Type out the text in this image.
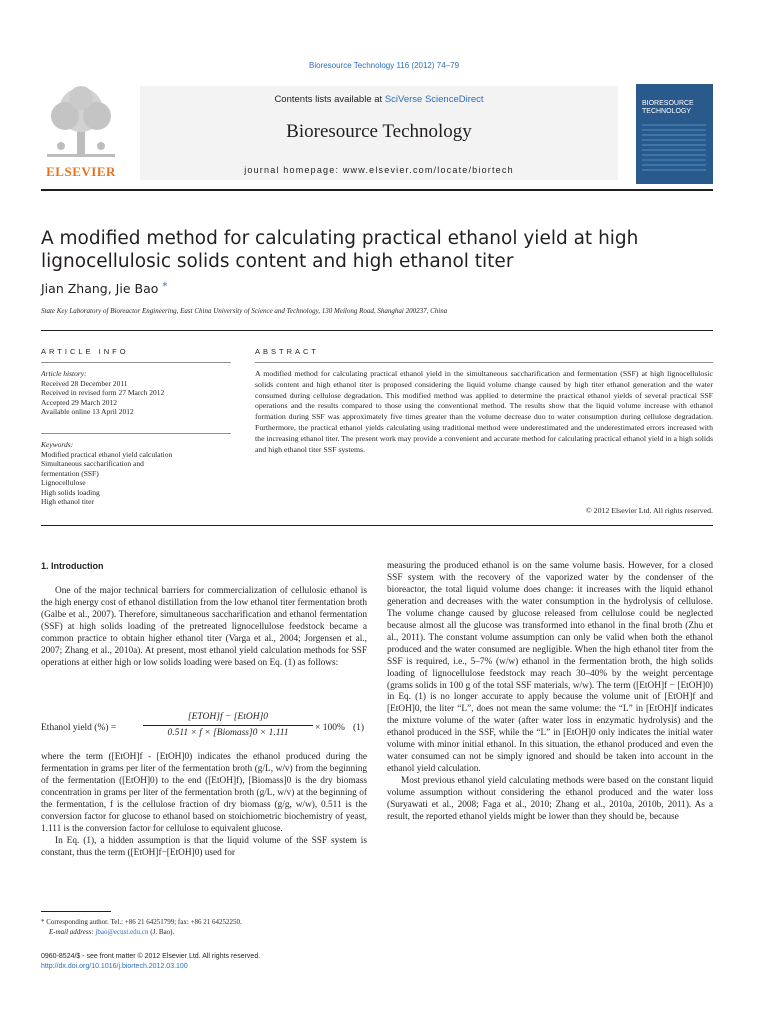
Bioresource Technology 116 (2012) 74–79
ELSEVIER
Contents lists available at SciVerse ScienceDirect
Bioresource Technology
journal homepage: www.elsevier.com/locate/biortech
BIORESOURCE TECHNOLOGY
A modified method for calculating practical ethanol yield at high
lignocellulosic solids content and high ethanol titer
Jian Zhang, Jie Bao *
State Key Laboratory of Bioreactor Engineering, East China University of Science and Technology, 130 Meilong Road, Shanghai 200237, China
ARTICLE INFO
Article history:
Received 28 December 2011
Received in revised form 27 March 2012
Accepted 29 March 2012
Available online 13 April 2012
Keywords:
Modified practical ethanol yield calculation
Simultaneous saccharification and
fermentation (SSF)
Lignocellulose
High solids loading
High ethanol titer
ABSTRACT
A modified method for calculating practical ethanol yield in the simultaneous saccharification and fermentation (SSF) at high lignocellulosic solids content and high ethanol titer is proposed considering the liquid volume change caused by high titer ethanol generation and the water consumed during cellulose degradation. This modified method was applied to determine the practical ethanol yields of several practical SSF operations and the results compared to those using the conventional method. The results show that the liquid volume increase with ethanol formation during SSF was approximately five times greater than the volume decrease duo to water consumption during cellulose degradation. Furthermore, the practical ethanol yields calculating using traditional method were underestimated and the underestimated errors increased with the increasing ethanol titer. The present work may provide a convenient and accurate method for calculating practical ethanol yield in a high solids and high ethanol titer SSF systems.
© 2012 Elsevier Ltd. All rights reserved.
1. Introduction

One of the major technical barriers for commercialization of cellulosic ethanol is the high energy cost of ethanol distillation from the low ethanol titer fermentation broth (Galbe et al., 2007). Therefore, simultaneous saccharification and ethanol fermentation (SSF) at high solids loading of the pretreated lignocellulose feedstock became a common practice to obtain higher ethanol titer (Varga et al., 2004; Jorgensen et al., 2007; Zhang et al., 2010a). At present, most ethanol yield calculation methods for SSF operations at either high or low solids loading were based on Eq. (1) as follows:

Ethanol yield (%) =
[ETOH]f − [EtOH]0
0.511 × f × [Biomass]0 × 1.111	× 100% (1)

where the term ([EtOH]f - [EtOH]0) indicates the ethanol produced during the fermentation in grams per liter of the fermentation broth (g/L, w/v) from the beginning of the fermentation ([EtOH]0) to the end ([EtOH]f), [Biomass]0 is the dry biomass concentration in grams per liter of the fermentation broth (g/L, w/v) at the beginning of the fermentation, f is the cellulose fraction of dry biomass (g/g, w/w), 0.511 is the conversion factor for glucose to ethanol based on stoichiometric biochemistry of yeast, 1.111 is the conversion factor for cellulose to equivalent glucose.

In Eq. (1), a hidden assumption is that the liquid volume of the SSF system is constant, thus the term ([EtOH]f−[EtOH]0) used for

* Corresponding author. Tel.: +86 21 64251799; fax: +86 21 64252250.
E-mail address: jbao@ecust.edu.cn (J. Bao).

measuring the produced ethanol is on the same volume basis. However, for a closed SSF system with the recovery of the vaporized water by the condenser of the bioreactor, the total liquid volume does change: it increases with the liquid ethanol generation and decreases with the water consumption in the hydrolysis of cellulose. The volume change caused by glucose released from cellulose could be neglected because almost all the glucose was transformed into ethanol in the final broth (Zhu et al., 2011). The constant volume assumption can only be valid when both the ethanol produced and the water consumed are negligible. When the high ethanol titer from the SSF is required, i.e., 5–7% (w/w) ethanol in the fermentation broth, the high solids loading of lignocellulose feedstock may reach 30–40% by the weight percentage (grams solids in 100 g of the total SSF materials, w/w). The term ([EtOH]f − [EtOH]0) in Eq. (1) is no longer accurate to apply because the volume unit of [EtOH]f and [EtOH]0, the liter “L”, does not mean the same volume: the “L” in [EtOH]f indicates the mixture volume of the water (after water loss in enzymatic hydrolysis) and the ethanol produced in the SSF, while the “L” in [EtOH]0 only indicates the initial water volume with minor initial ethanol. In this situation, the ethanol produced and even the water consumed can not be simply ignored and should be taken into account in the ethanol yield calculation.

Most previous ethanol yield calculating methods were based on the constant liquid volume assumption without considering the ethanol produced and the water loss (Suryawati et al., 2008; Faga et al., 2010; Zhang et al., 2010a, 2010b, 2011). As a result, the reported ethanol yields might be lower than they should be, because

0960-8524/$ - see front matter © 2012 Elsevier Ltd. All rights reserved.
http://dx.doi.org/10.1016/j.biortech.2012.03.100
